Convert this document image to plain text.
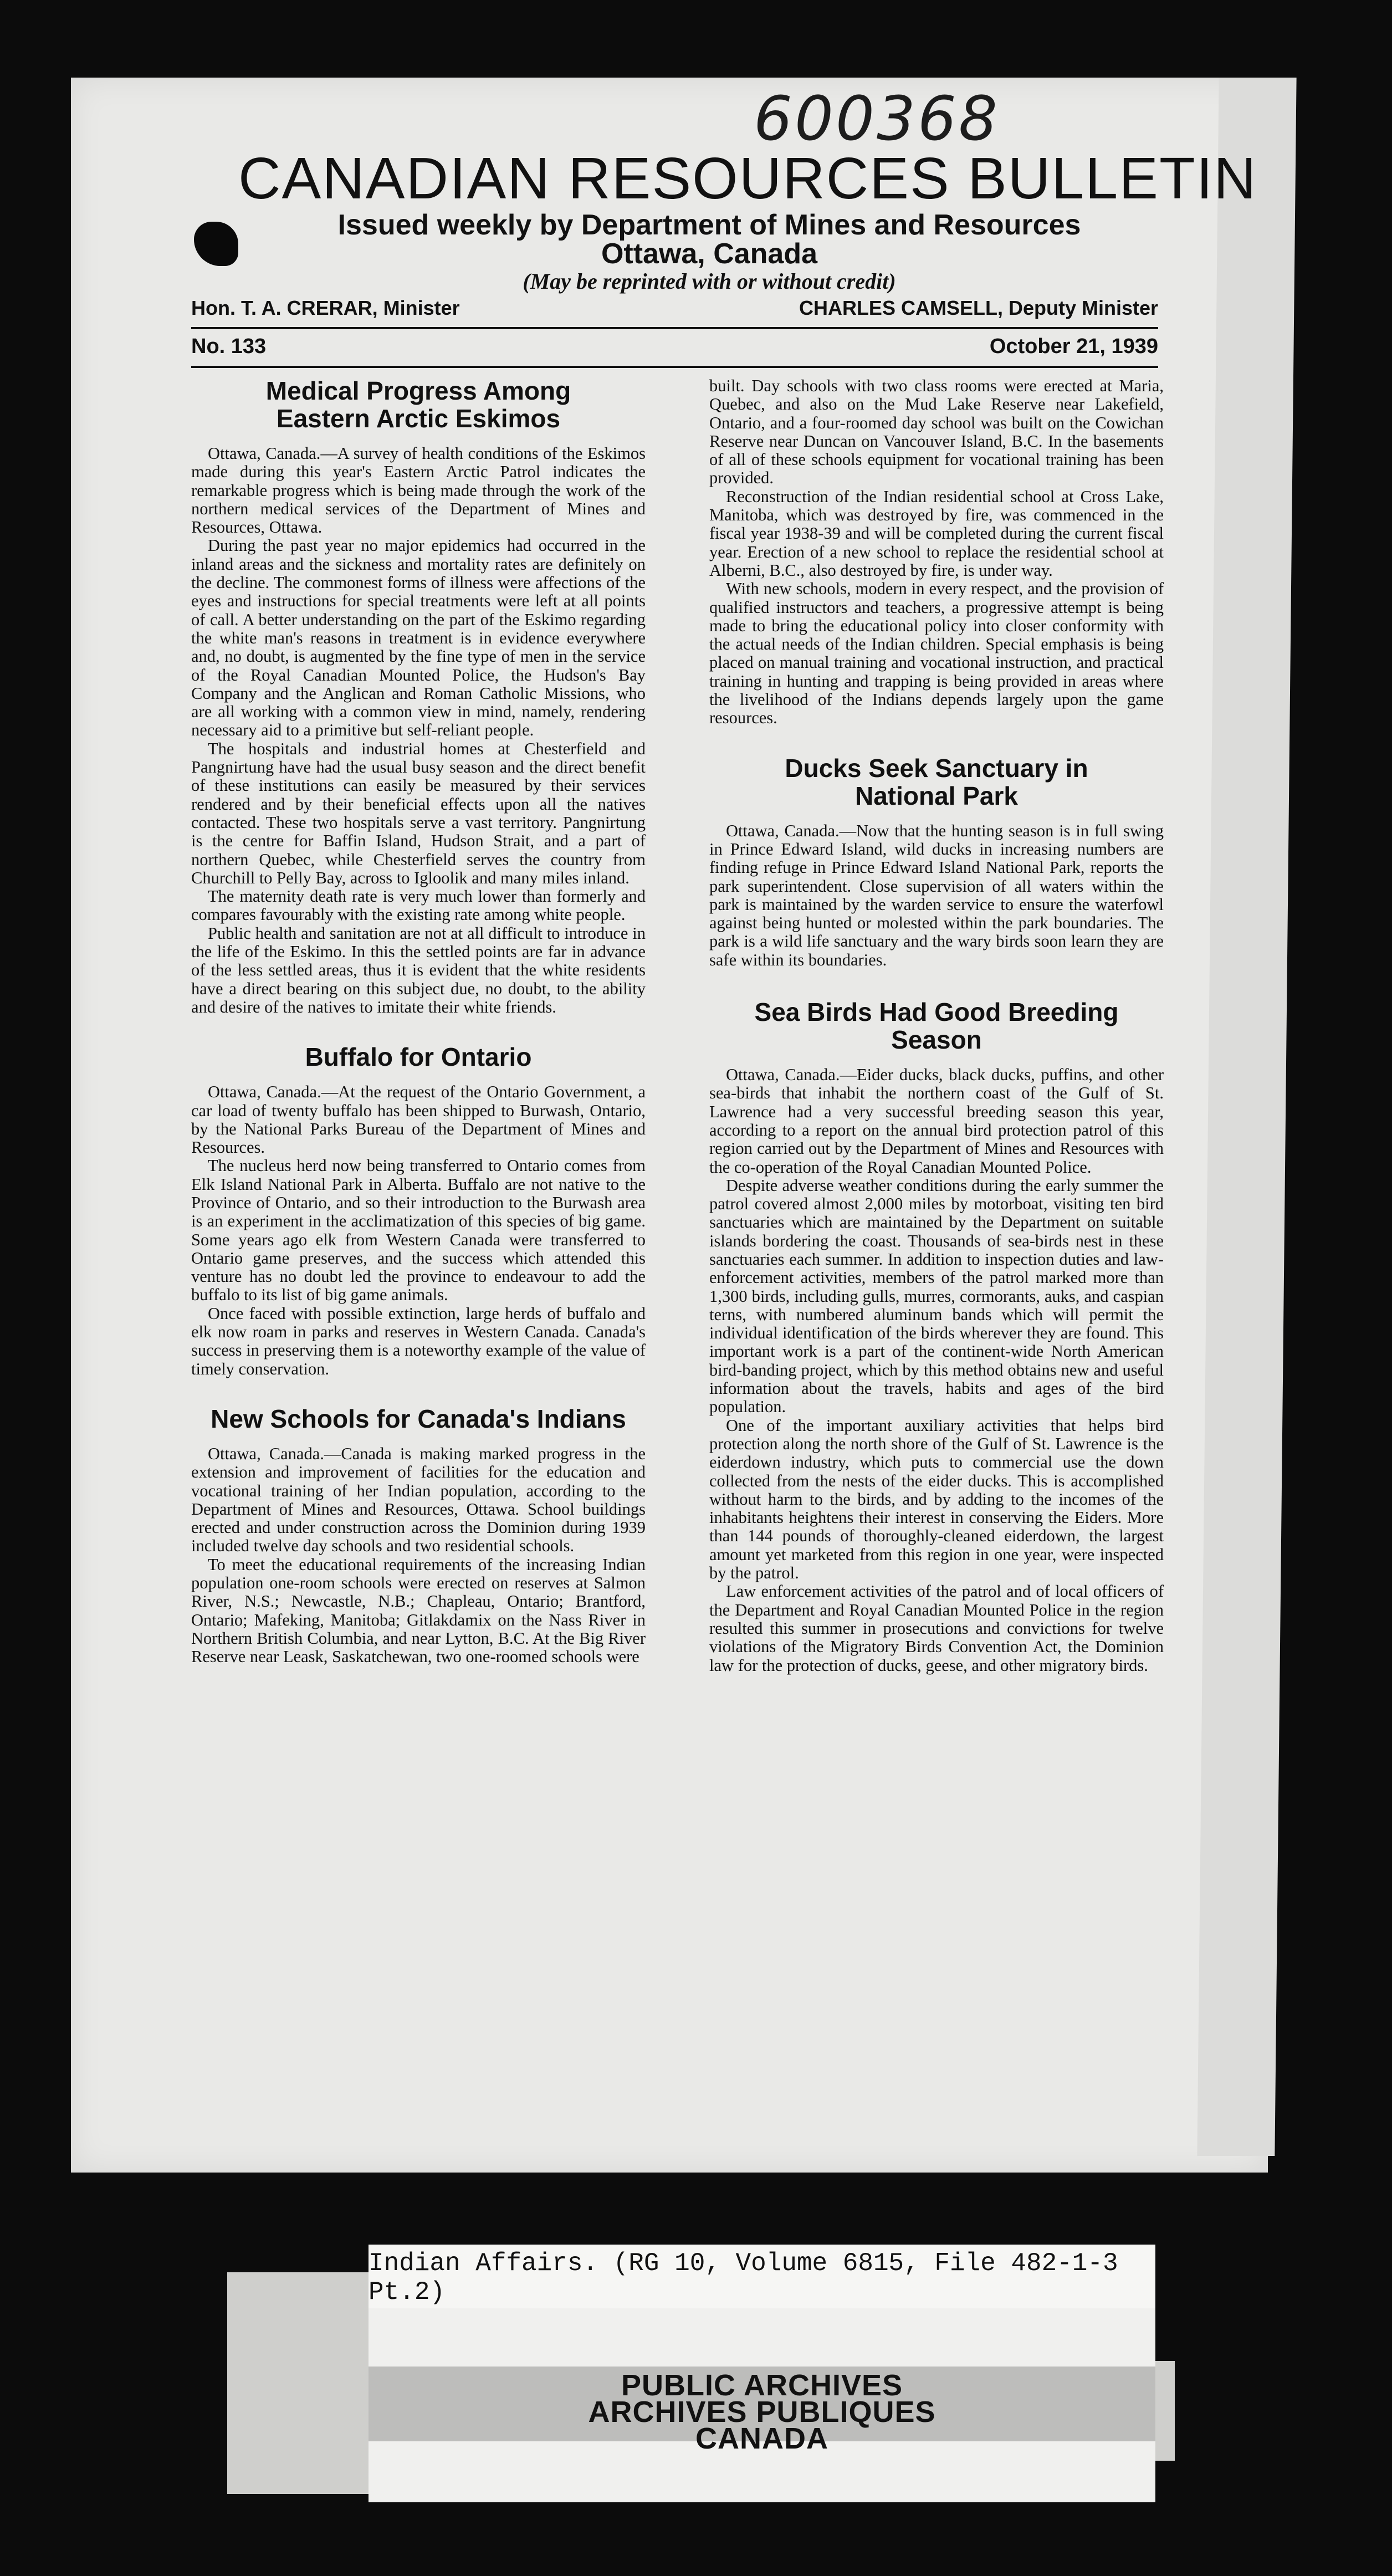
600368
CANADIAN RESOURCES BULLETIN
Issued weekly by Department of Mines and Resources
Ottawa, Canada
(May be reprinted with or without credit)
Hon. T. A. CRERAR, Minister	CHARLES CAMSELL, Deputy Minister
No. 133	October 21, 1939
Medical Progress Among Eastern Arctic Eskimos

Ottawa, Canada.—A survey of health conditions of the Eskimos made during this year's Eastern Arctic Patrol indicates the remarkable progress which is being made through the work of the northern medical services of the Department of Mines and Resources, Ottawa.

During the past year no major epidemics had occurred in the inland areas and the sickness and mortality rates are definitely on the decline. The commonest forms of illness were affections of the eyes and instructions for special treatments were left at all points of call. A better understanding on the part of the Eskimo regarding the white man's reasons in treatment is in evidence everywhere and, no doubt, is augmented by the fine type of men in the service of the Royal Canadian Mounted Police, the Hudson's Bay Company and the Anglican and Roman Catholic Missions, who are all working with a common view in mind, namely, rendering necessary aid to a primitive but self-reliant people.

The hospitals and industrial homes at Chesterfield and Pangnirtung have had the usual busy season and the direct benefit of these institutions can easily be measured by their services rendered and by their beneficial effects upon all the natives contacted. These two hospitals serve a vast territory. Pangnirtung is the centre for Baffin Island, Hudson Strait, and a part of northern Quebec, while Chesterfield serves the country from Churchill to Pelly Bay, across to Igloolik and many miles inland.

The maternity death rate is very much lower than formerly and compares favourably with the existing rate among white people.

Public health and sanitation are not at all difficult to introduce in the life of the Eskimo. In this the settled points are far in advance of the less settled areas, thus it is evident that the white residents have a direct bearing on this subject due, no doubt, to the ability and desire of the natives to imitate their white friends.

Buffalo for Ontario

Ottawa, Canada.—At the request of the Ontario Government, a car load of twenty buffalo has been shipped to Burwash, Ontario, by the National Parks Bureau of the Department of Mines and Resources.

The nucleus herd now being transferred to Ontario comes from Elk Island National Park in Alberta. Buffalo are not native to the Province of Ontario, and so their introduction to the Burwash area is an experiment in the acclimatization of this species of big game. Some years ago elk from Western Canada were transferred to Ontario game preserves, and the success which attended this venture has no doubt led the province to endeavour to add the buffalo to its list of big game animals.

Once faced with possible extinction, large herds of buffalo and elk now roam in parks and reserves in Western Canada. Canada's success in preserving them is a noteworthy example of the value of timely conservation.

New Schools for Canada's Indians

Ottawa, Canada.—Canada is making marked progress in the extension and improvement of facilities for the education and vocational training of her Indian population, according to the Department of Mines and Resources, Ottawa. School buildings erected and under construction across the Dominion during 1939 included twelve day schools and two residential schools.

To meet the educational requirements of the increasing Indian population one-room schools were erected on reserves at Salmon River, N.S.; Newcastle, N.B.; Chapleau, Ontario; Brantford, Ontario; Mafeking, Manitoba; Gitlakdamix on the Nass River in Northern British Columbia, and near Lytton, B.C. At the Big River Reserve near Leask, Saskatchewan, two one-roomed schools were

built. Day schools with two class rooms were erected at Maria, Quebec, and also on the Mud Lake Reserve near Lakefield, Ontario, and a four-roomed day school was built on the Cowichan Reserve near Duncan on Vancouver Island, B.C. In the basements of all of these schools equipment for vocational training has been provided.

Reconstruction of the Indian residential school at Cross Lake, Manitoba, which was destroyed by fire, was commenced in the fiscal year 1938-39 and will be completed during the current fiscal year. Erection of a new school to replace the residential school at Alberni, B.C., also destroyed by fire, is under way.

With new schools, modern in every respect, and the provision of qualified instructors and teachers, a progressive attempt is being made to bring the educational policy into closer conformity with the actual needs of the Indian children. Special emphasis is being placed on manual training and vocational instruction, and practical training in hunting and trapping is being provided in areas where the livelihood of the Indians depends largely upon the game resources.

Ducks Seek Sanctuary in National Park

Ottawa, Canada.—Now that the hunting season is in full swing in Prince Edward Island, wild ducks in increasing numbers are finding refuge in Prince Edward Island National Park, reports the park superintendent. Close supervision of all waters within the park is maintained by the warden service to ensure the waterfowl against being hunted or molested within the park boundaries. The park is a wild life sanctuary and the wary birds soon learn they are safe within its boundaries.

Sea Birds Had Good Breeding Season

Ottawa, Canada.—Eider ducks, black ducks, puffins, and other sea-birds that inhabit the northern coast of the Gulf of St. Lawrence had a very successful breeding season this year, according to a report on the annual bird protection patrol of this region carried out by the Department of Mines and Resources with the co-operation of the Royal Canadian Mounted Police.

Despite adverse weather conditions during the early summer the patrol covered almost 2,000 miles by motorboat, visiting ten bird sanctuaries which are maintained by the Department on suitable islands bordering the coast. Thousands of sea-birds nest in these sanctuaries each summer. In addition to inspection duties and law-enforcement activities, members of the patrol marked more than 1,300 birds, including gulls, murres, cormorants, auks, and caspian terns, with numbered aluminum bands which will permit the individual identification of the birds wherever they are found. This important work is a part of the continent-wide North American bird-banding project, which by this method obtains new and useful information about the travels, habits and ages of the bird population.

One of the important auxiliary activities that helps bird protection along the north shore of the Gulf of St. Lawrence is the eiderdown industry, which puts to commercial use the down collected from the nests of the eider ducks. This is accomplished without harm to the birds, and by adding to the incomes of the inhabitants heightens their interest in conserving the Eiders. More than 144 pounds of thoroughly-cleaned eiderdown, the largest amount yet marketed from this region in one year, were inspected by the patrol.

Law enforcement activities of the patrol and of local officers of the Department and Royal Canadian Mounted Police in the region resulted this summer in prosecutions and convictions for twelve violations of the Migratory Birds Convention Act, the Dominion law for the protection of ducks, geese, and other migratory birds.

Indian Affairs. (RG 10, Volume 6815, File 482-1-3 Pt.2)
PUBLIC ARCHIVES
ARCHIVES PUBLIQUES
CANADA
